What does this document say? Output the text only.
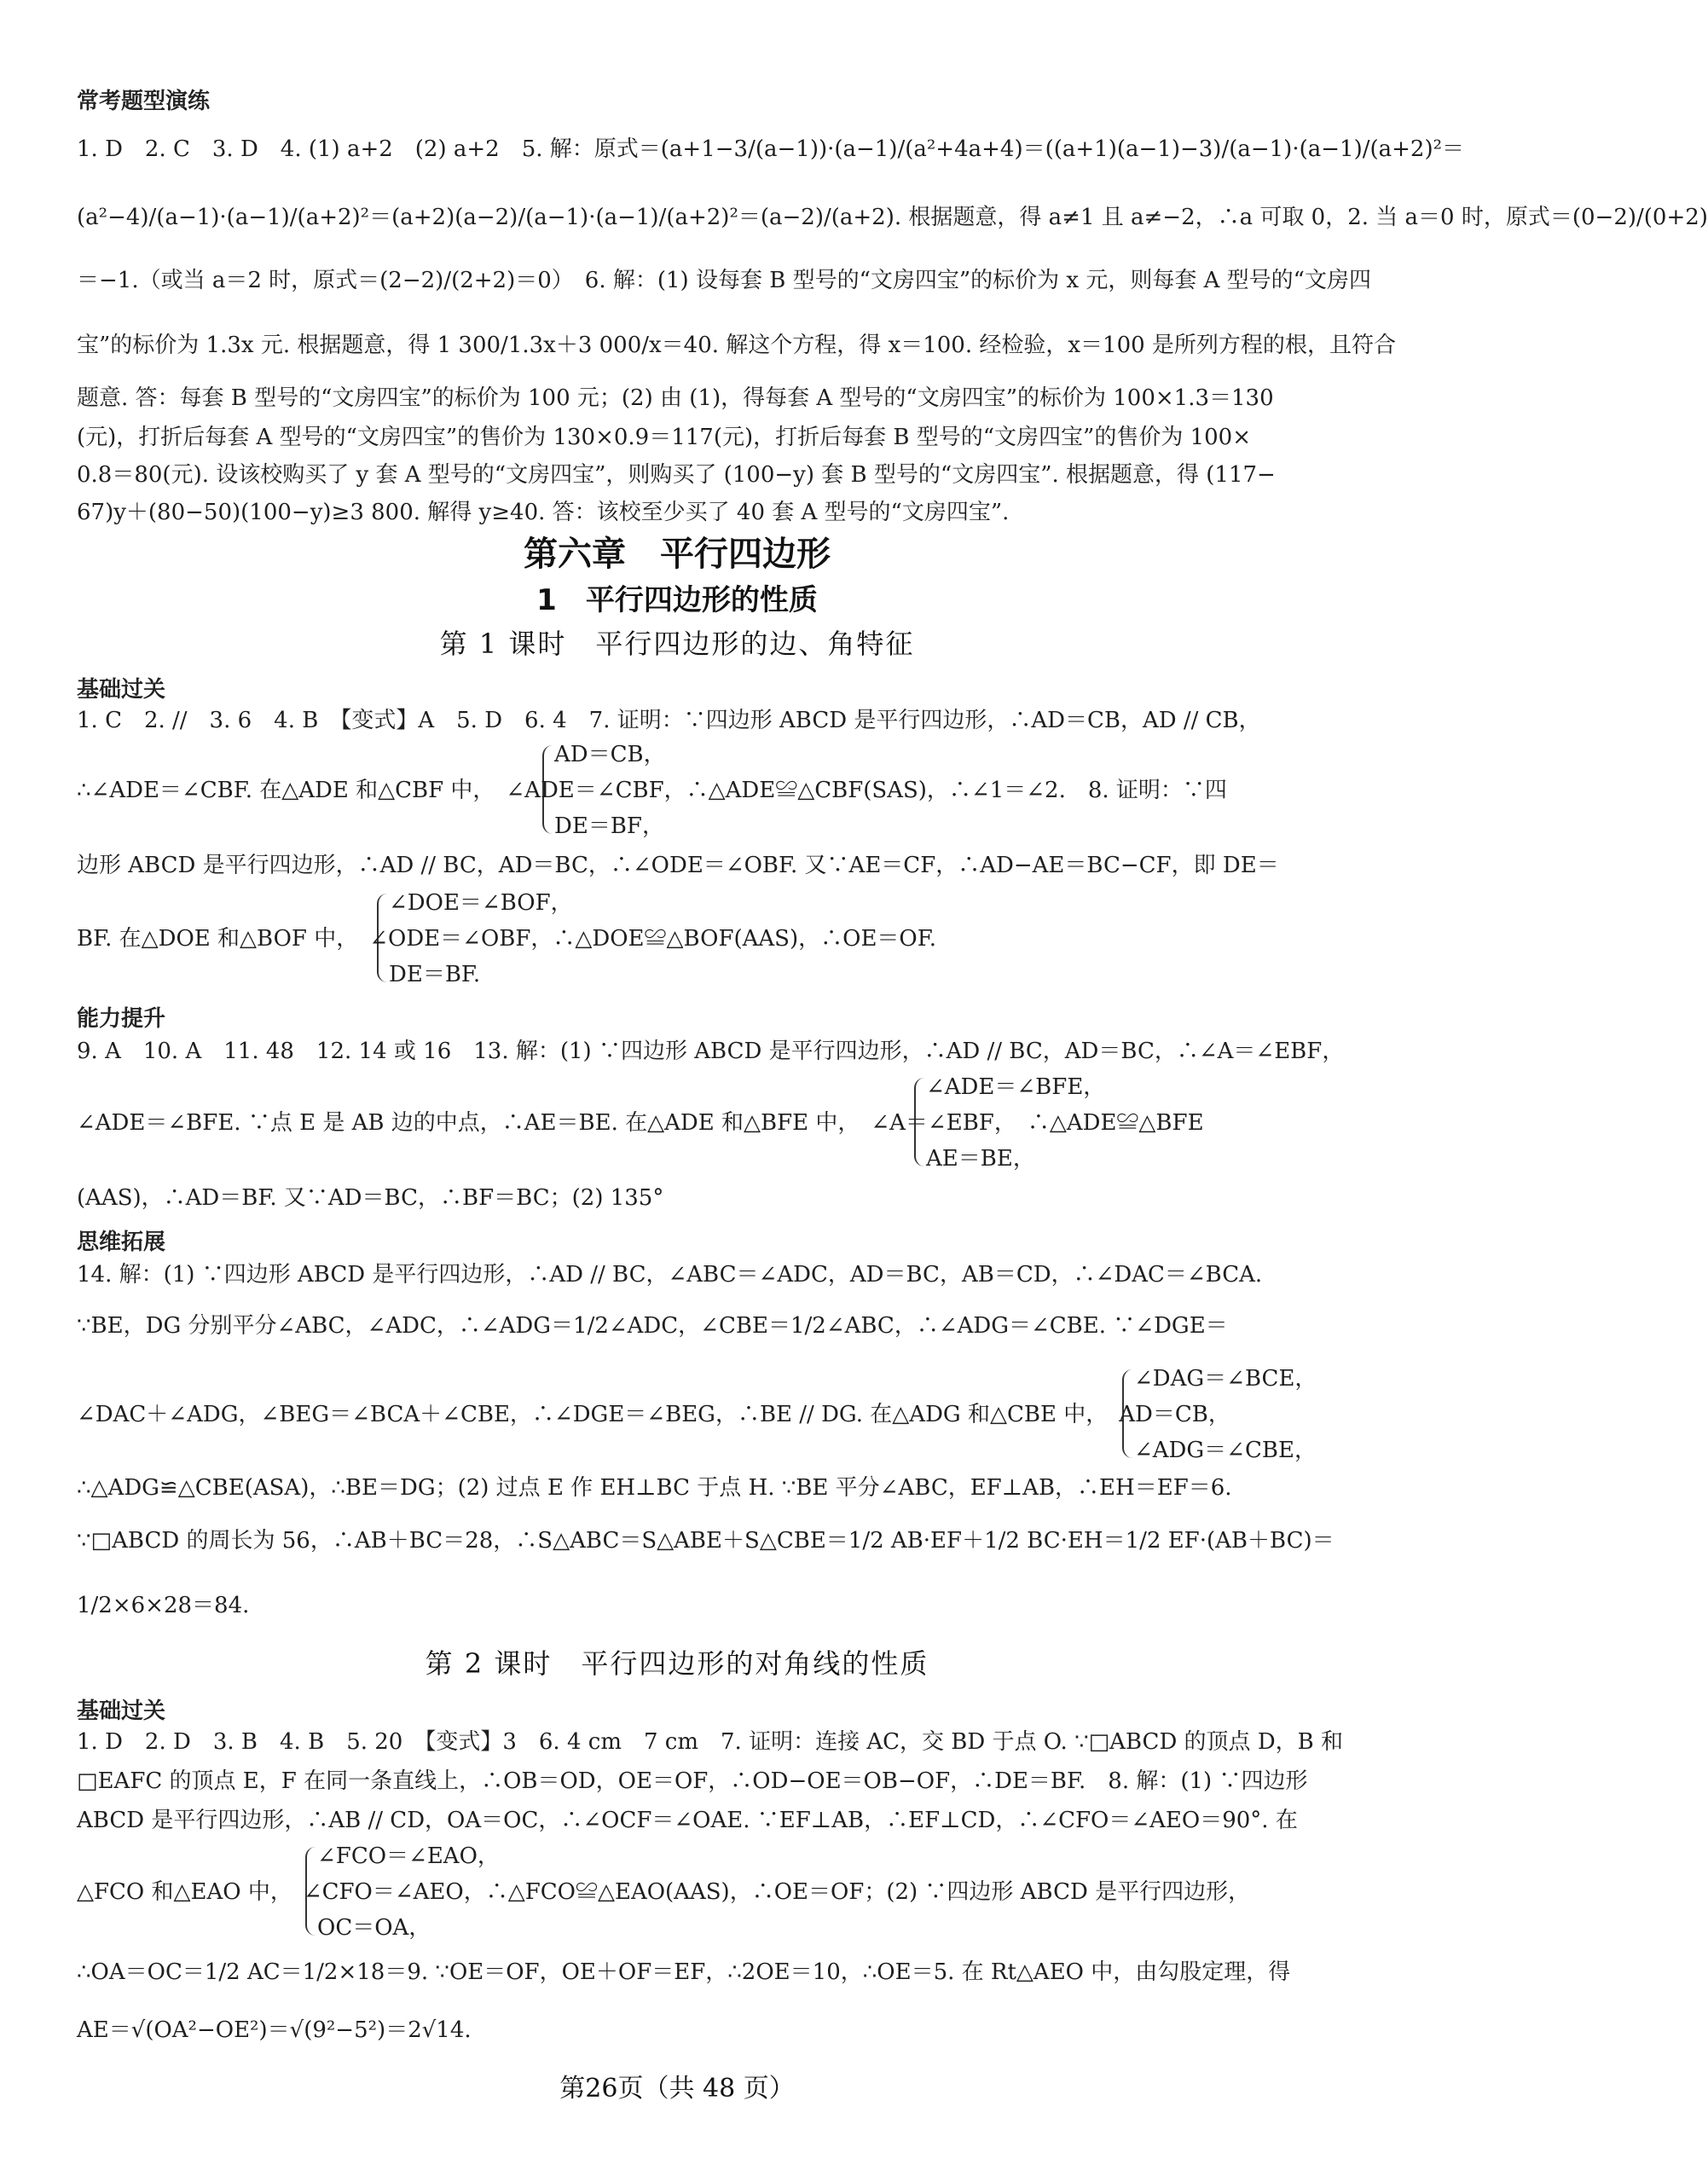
常考题型演练
1. D　2. C　3. D　4. (1) a+2　(2) a+2　5. 解：原式＝(a+1−3/(a−1))·(a−1)/(a²+4a+4)＝((a+1)(a−1)−3)/(a−1)·(a−1)/(a+2)²＝
(a²−4)/(a−1)·(a−1)/(a+2)²＝(a+2)(a−2)/(a−1)·(a−1)/(a+2)²＝(a−2)/(a+2). 根据题意，得 a≠1 且 a≠−2，∴a 可取 0，2. 当 a＝0 时，原式＝(0−2)/(0+2)
＝−1.（或当 a＝2 时，原式＝(2−2)/(2+2)＝0）　6. 解：(1) 设每套 B 型号的“文房四宝”的标价为 x 元，则每套 A 型号的“文房四
宝”的标价为 1.3x 元. 根据题意，得 1 300/1.3x＋3 000/x＝40. 解这个方程，得 x＝100. 经检验，x＝100 是所列方程的根，且符合
题意. 答：每套 B 型号的“文房四宝”的标价为 100 元；(2) 由 (1)，得每套 A 型号的“文房四宝”的标价为 100×1.3＝130
(元)，打折后每套 A 型号的“文房四宝”的售价为 130×0.9＝117(元)，打折后每套 B 型号的“文房四宝”的售价为 100×
0.8＝80(元). 设该校购买了 y 套 A 型号的“文房四宝”，则购买了 (100−y) 套 B 型号的“文房四宝”. 根据题意，得 (117−
67)y＋(80−50)(100−y)≥3 800. 解得 y≥40. 答：该校至少买了 40 套 A 型号的“文房四宝”.
第六章　平行四边形
1　平行四边形的性质
第 1 课时　平行四边形的边、角特征
基础过关
1. C　2. //　3. 6　4. B　【变式】A　5. D　6. 4　7. 证明：∵四边形 ABCD 是平行四边形，∴AD＝CB，AD // CB，
AD＝CB，
∴∠ADE＝∠CBF. 在△ADE 和△CBF 中，　∠ADE＝∠CBF，∴△ADE≌△CBF(SAS)，∴∠1＝∠2.　8. 证明：∵四
DE＝BF，
边形 ABCD 是平行四边形，∴AD // BC，AD＝BC，∴∠ODE＝∠OBF. 又∵AE＝CF，∴AD−AE＝BC−CF，即 DE＝
∠DOE＝∠BOF，
BF. 在△DOE 和△BOF 中，　∠ODE＝∠OBF，∴△DOE≌△BOF(AAS)，∴OE＝OF.
DE＝BF.
能力提升
9. A　10. A　11. 48　12. 14 或 16　13. 解：(1) ∵四边形 ABCD 是平行四边形，∴AD // BC，AD＝BC，∴∠A＝∠EBF，
∠ADE＝∠BFE，
∠ADE＝∠BFE. ∵点 E 是 AB 边的中点，∴AE＝BE. 在△ADE 和△BFE 中，　∠A＝∠EBF，　∴△ADE≌△BFE
AE＝BE，
(AAS)，∴AD＝BF. 又∵AD＝BC，∴BF＝BC；(2) 135°
思维拓展
14. 解：(1) ∵四边形 ABCD 是平行四边形，∴AD // BC，∠ABC＝∠ADC，AD＝BC，AB＝CD，∴∠DAC＝∠BCA.
∵BE，DG 分别平分∠ABC，∠ADC，∴∠ADG＝1/2∠ADC，∠CBE＝1/2∠ABC，∴∠ADG＝∠CBE. ∵∠DGE＝
∠DAG＝∠BCE，
∠DAC＋∠ADG，∠BEG＝∠BCA＋∠CBE，∴∠DGE＝∠BEG，∴BE // DG. 在△ADG 和△CBE 中，　AD＝CB，
∠ADG＝∠CBE，
∴△ADG≌△CBE(ASA)，∴BE＝DG；(2) 过点 E 作 EH⊥BC 于点 H. ∵BE 平分∠ABC，EF⊥AB，∴EH＝EF＝6.
∵□ABCD 的周长为 56，∴AB＋BC＝28，∴S△ABC＝S△ABE＋S△CBE＝1/2 AB·EF＋1/2 BC·EH＝1/2 EF·(AB＋BC)＝
1/2×6×28＝84.
第 2 课时　平行四边形的对角线的性质
基础过关
1. D　2. D　3. B　4. B　5. 20　【变式】3　6. 4 cm　7 cm　7. 证明：连接 AC，交 BD 于点 O. ∵□ABCD 的顶点 D，B 和
□EAFC 的顶点 E，F 在同一条直线上，∴OB＝OD，OE＝OF，∴OD−OE＝OB−OF，∴DE＝BF.　8. 解：(1) ∵四边形
ABCD 是平行四边形，∴AB // CD，OA＝OC，∴∠OCF＝∠OAE. ∵EF⊥AB，∴EF⊥CD，∴∠CFO＝∠AEO＝90°. 在
∠FCO＝∠EAO，
△FCO 和△EAO 中，　∠CFO＝∠AEO，∴△FCO≌△EAO(AAS)，∴OE＝OF；(2) ∵四边形 ABCD 是平行四边形，
OC＝OA，
∴OA＝OC＝1/2 AC＝1/2×18＝9. ∵OE＝OF，OE＋OF＝EF，∴2OE＝10，∴OE＝5. 在 Rt△AEO 中，由勾股定理，得
AE＝√(OA²−OE²)＝√(9²−5²)＝2√14.
第26页（共 48 页）
